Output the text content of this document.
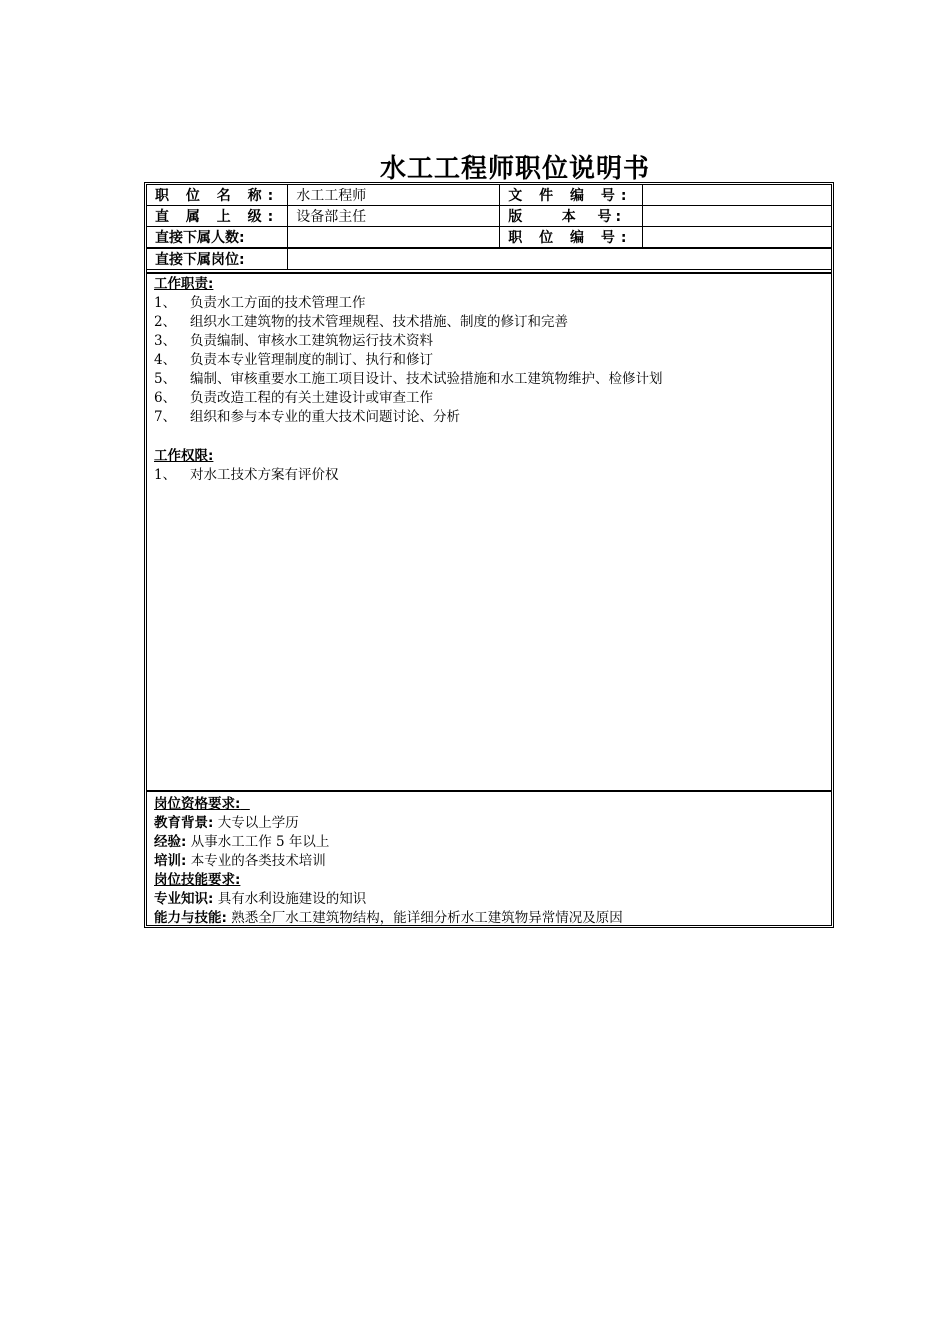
水工工程师职位说明书
职 位 名 称:	水工工程师	文 件 编 号:	
直 属 上 级:	设备部主任	版    本  号:	
直接下属人数:		职 位 编 号:	
直接下属岗位:			
工作职责:
1、 负责水工方面的技术管理工作
2、 组织水工建筑物的技术管理规程、技术措施、制度的修订和完善
3、 负责编制、审核水工建筑物运行技术资料
4、 负责本专业管理制度的制订、执行和修订
5、 编制、审核重要水工施工项目设计、技术试验措施和水工建筑物维护、检修计划
6、 负责改造工程的有关土建设计或审查工作
7、 组织和参与本专业的重大技术问题讨论、分析
工作权限:
1、 对水工技术方案有评价权
岗位资格要求:
教育背景: 大专以上学历
经验: 从事水工工作 5 年以上
培训: 本专业的各类技术培训
岗位技能要求:
专业知识: 具有水利设施建设的知识
能力与技能: 熟悉全厂水工建筑物结构，能详细分析水工建筑物异常情况及原因
